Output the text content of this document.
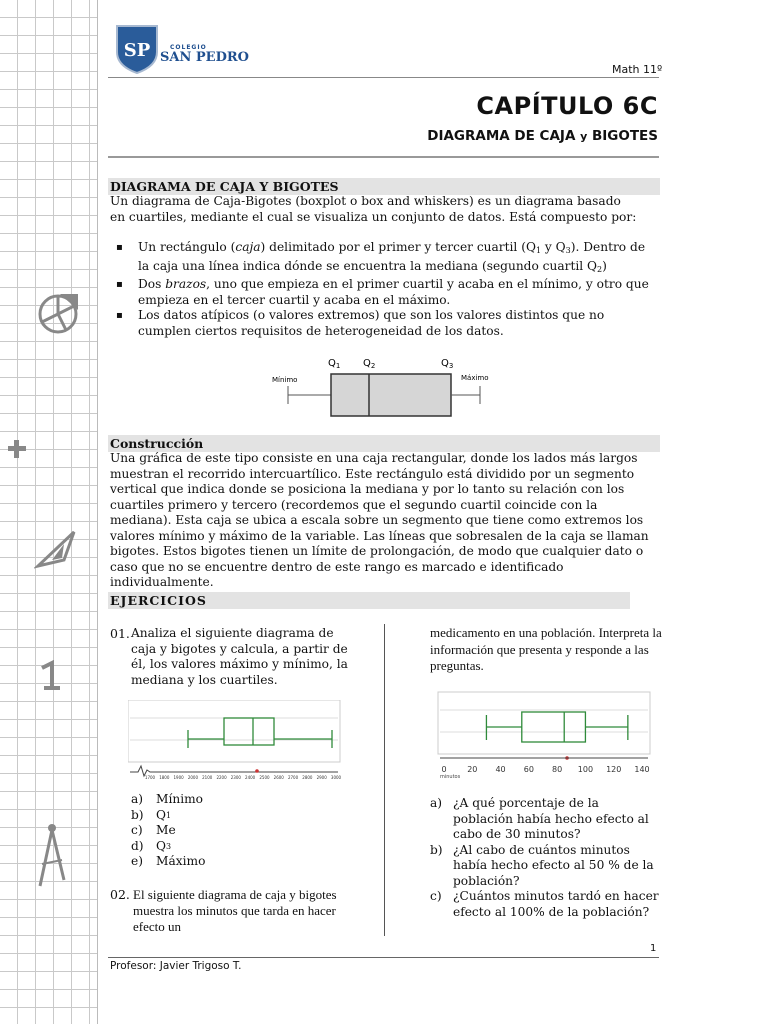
SP	COLEGIO
SAN PEDRO
Math 11º
CAPÍTULO 6C
DIAGRAMA DE CAJA y BIGOTES
DIAGRAMA DE CAJA Y BIGOTES
Un diagrama de Caja-Bigotes (boxplot o box and whiskers) es un diagrama basado
en cuartiles, mediante el cual se visualiza un conjunto de datos. Está compuesto por:
▪ Un rectángulo (caja) delimitado por el primer y tercer cuartil ($Q_1$ y $Q_3$). Dentro de la caja una línea indica dónde se encuentra la mediana (segundo cuartil $Q_2$)
▪ Dos brazos, uno que empieza en el primer cuartil y acaba en el mínimo, y otro que empieza en el tercer cuartil y acaba en el máximo.
▪ Los datos atípicos (o valores extremos) que son los valores distintos que no cumplen ciertos requisitos de heterogeneidad de los datos.
$Q_1$ $Q_2$	$Q_3$
Mínimo	Máximo
Construcción
Una gráfica de este tipo consiste en una caja rectangular, donde los lados más largos muestran el recorrido intercuartílico. Este rectángulo está dividido por un segmento vertical que indica donde se posiciona la mediana y por lo tanto su relación con los cuartiles primero y tercero (recordemos que el segundo cuartil coincide con la mediana). Esta caja se ubica a escala sobre un segmento que tiene como extremos los valores mínimo y máximo de la variable. Las líneas que sobresalen de la caja se llaman bigotes. Estos bigotes tienen un límite de prolongación, de modo que cualquier dato o caso que no se encuentre dentro de este rango es marcado e identificado individualmente.
EJERCICIOS
01. Analiza el siguiente diagrama de caja y bigotes y calcula, a partir de él, los valores máximo y mínimo, la mediana y los cuartiles.
1700 1800 1900 2000 2100 2200 2300 2400 2500 2600 2700 2800 2900 3000
a)	Mínimo
b)	Q 1
c)	Me
d)	Q 3
e)	Máximo
02. El siguiente diagrama de caja y bigotes muestra los minutos que tarda en hacer efecto un
medicamento en una población. Interpreta la información que presenta y responde a las preguntas.
0	20 40 60 80 100 120 140
minutos
a) ¿A qué porcentaje de la población había hecho efecto al cabo de 30 minutos?
b) ¿Al cabo de cuántos minutos había hecho efecto al 50 % de la población?
c) ¿Cuántos minutos tardó en hacer efecto al 100% de la población?
1
Profesor: Javier Trigoso T.
